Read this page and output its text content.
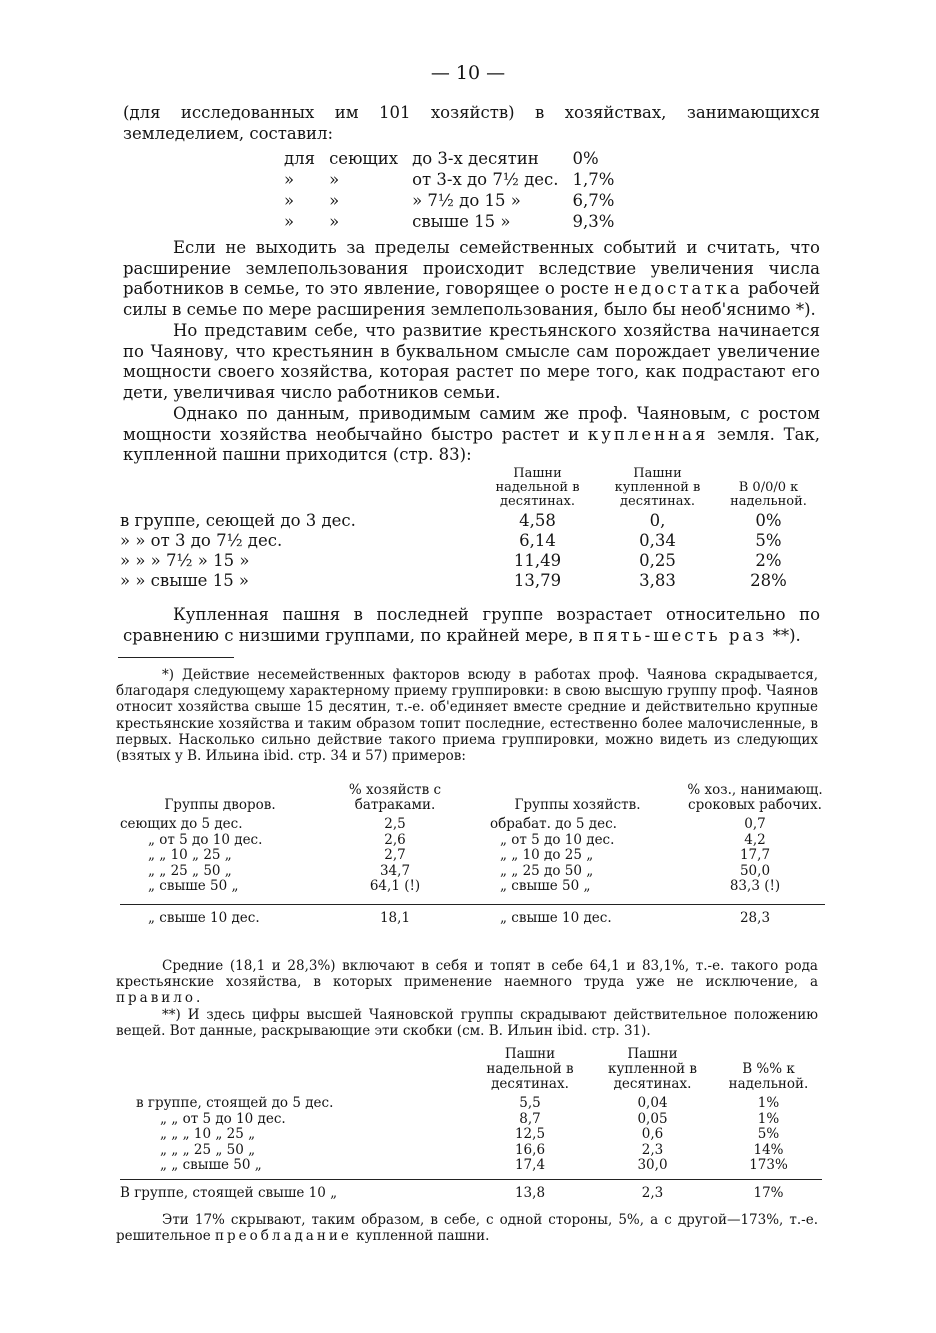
— 10 —
(для исследованных им 101 хозяйств) в хозяйствах, занимающихся земледелием, составил:
для	сеющих	до 3-х десятин	0%
»	»	от 3-х до 7½ дес.	1,7%
»	»	» 7½ до 15 »	6,7%
»	»	свыше 15 »	9,3%
Если не выходить за пределы семейственных событий и считать, что расширение землепользования происходит вследствие увеличения числа работников в семье, то это явление, говорящее о росте недостатка рабочей силы в семье по мере расширения землепользования, было бы необ'яснимо *).
Но представим себе, что развитие крестьянского хозяйства начинается по Чаянову, что крестьянин в буквальном смысле сам порождает увеличение мощности своего хозяйства, которая растет по мере того, как подрастают его дети, увеличивая число работников семьи.
Однако по данным, приводимым самим же проф. Чаяновым, с ростом мощности хозяйства необычайно быстро растет и купленная земля. Так, купленной пашни приходится (стр. 83):
	Пашни надельной в десятинах.	Пашни купленной в десятинах.	В 0/0/0 к надельной.
в группе, сеющей до 3 дес.	4,58	0,	0%
» » от 3 до 7½ дес.	6,14	0,34	5%
» » » 7½ » 15 »	11,49	0,25	2%
» » свыше 15 »	13,79	3,83	28%
Купленная пашня в последней группе возрастает относительно по сравнению с низшими группами, по крайней мере, в пять-шесть раз **).
*) Действие несемейственных факторов всюду в работах проф. Чаянова скрадывается, благодаря следующему характерному приему группировки: в свою высшую группу проф. Чаянов относит хозяйства свыше 15 десятин, т.-е. об'единяет вместе средние и действительно крупные крестьянские хозяйства и таким образом топит последние, естественно более малочисленные, в первых. Насколько сильно действие такого приема группировки, можно видеть из следующих (взятых у В. Ильина ibid. стр. 34 и 57) примеров:
Группы дворов.	% хозяйств с батраками.	Группы хозяйств.	% хоз., нанимающ. сроковых рабочих.
сеющих до 5 дес.	2,5	обрабат. до 5 дес.	0,7
„ от 5 до 10 дес.	2,6	„ от 5 до 10 дес.	4,2
„ „ 10 „ 25 „	2,7	„ „ 10 до 25 „	17,7
„ „ 25 „ 50 „	34,7	„ „ 25 до 50 „	50,0
„ свыше 50 „	64,1 (!)	„ свыше 50 „	83,3 (!)

„ свыше 10 дес.	18,1	„ свыше 10 дес.	28,3
Средние (18,1 и 28,3%) включают в себя и топят в себе 64,1 и 83,1%, т.-е. такого рода крестьянские хозяйства, в которых применение наемного труда уже не исключение, а правило.
**) И здесь цифры высшей Чаяновской группы скрадывают действительное положению вещей. Вот данные, раскрывающие эти скобки (см. В. Ильин ibid. стр. 31).
	Пашни надельной в десятинах.	Пашни купленной в десятинах.	В %% к надельной.
в группе, стоящей до 5 дес.	5,5	0,04	1%
„ „ от 5 до 10 дес.	8,7	0,05	1%
„ „ „ 10 „ 25 „	12,5	0,6	5%
„ „ „ 25 „ 50 „	16,6	2,3	14%
„ „ свыше 50 „	17,4	30,0	173%

В группе, стоящей свыше 10 „	13,8	2,3	17%
Эти 17% скрывают, таким образом, в себе, с одной стороны, 5%, а с другой—173%, т.-е. решительное преобладание купленной пашни.
